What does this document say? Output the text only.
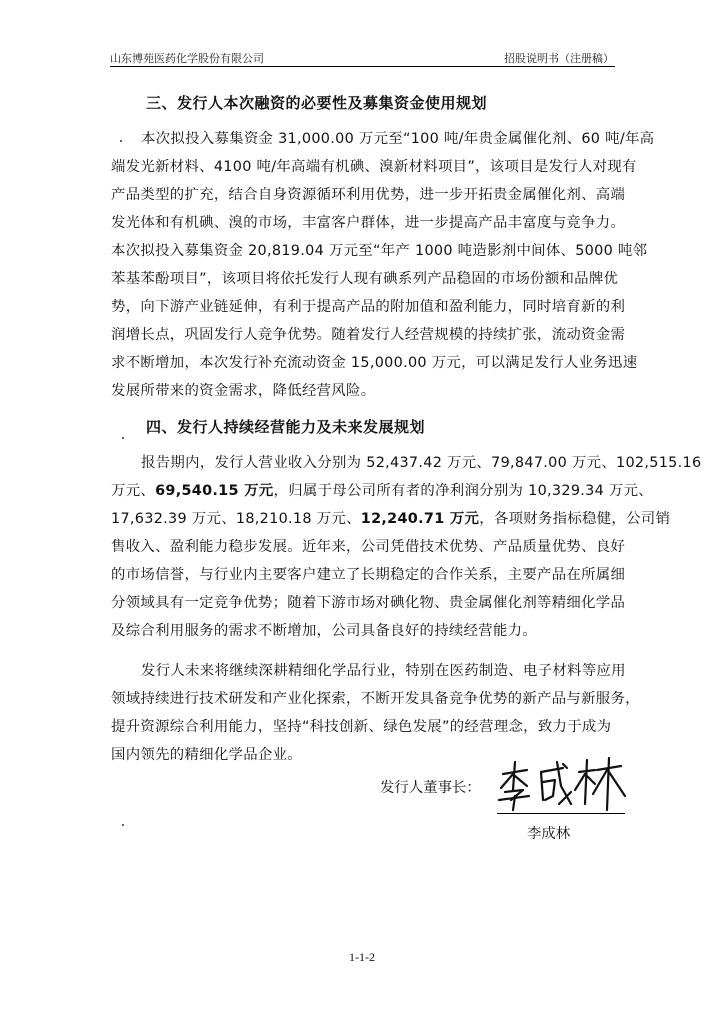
山东博苑医药化学股份有限公司	招股说明书（注册稿）
三、发行人本次融资的必要性及募集资金使用规划
本次拟投入募集资金 31,000.00 万元至“100 吨/年贵金属催化剂、60 吨/年高
端发光新材料、4100 吨/年高端有机碘、溴新材料项目”，该项目是发行人对现有
产品类型的扩充，结合自身资源循环利用优势，进一步开拓贵金属催化剂、高端
发光体和有机碘、溴的市场，丰富客户群体，进一步提高产品丰富度与竞争力。
本次拟投入募集资金 20,819.04 万元至“年产 1000 吨造影剂中间体、5000 吨邻
苯基苯酚项目”，该项目将依托发行人现有碘系列产品稳固的市场份额和品牌优
势，向下游产业链延伸，有利于提高产品的附加值和盈利能力，同时培育新的利
润增长点，巩固发行人竞争优势。随着发行人经营规模的持续扩张，流动资金需
求不断增加，本次发行补充流动资金 15,000.00 万元，可以满足发行人业务迅速
发展所带来的资金需求，降低经营风险。
四、发行人持续经营能力及未来发展规划
报告期内，发行人营业收入分别为 52,437.42 万元、79,847.00 万元、102,515.16
万元、69,540.15 万元，归属于母公司所有者的净利润分别为 10,329.34 万元、
17,632.39 万元、18,210.18 万元、12,240.71 万元，各项财务指标稳健，公司销
售收入、盈利能力稳步发展。近年来，公司凭借技术优势、产品质量优势、良好
的市场信誉，与行业内主要客户建立了长期稳定的合作关系，主要产品在所属细
分领域具有一定竞争优势；随着下游市场对碘化物、贵金属催化剂等精细化学品
及综合利用服务的需求不断增加，公司具备良好的持续经营能力。
发行人未来将继续深耕精细化学品行业，特别在医药制造、电子材料等应用
领域持续进行技术研发和产业化探索，不断开发具备竞争优势的新产品与新服务，
提升资源综合利用能力，坚持“科技创新、绿色发展”的经营理念，致力于成为
国内领先的精细化学品企业。
发行人董事长：
李成林
1-1-2
